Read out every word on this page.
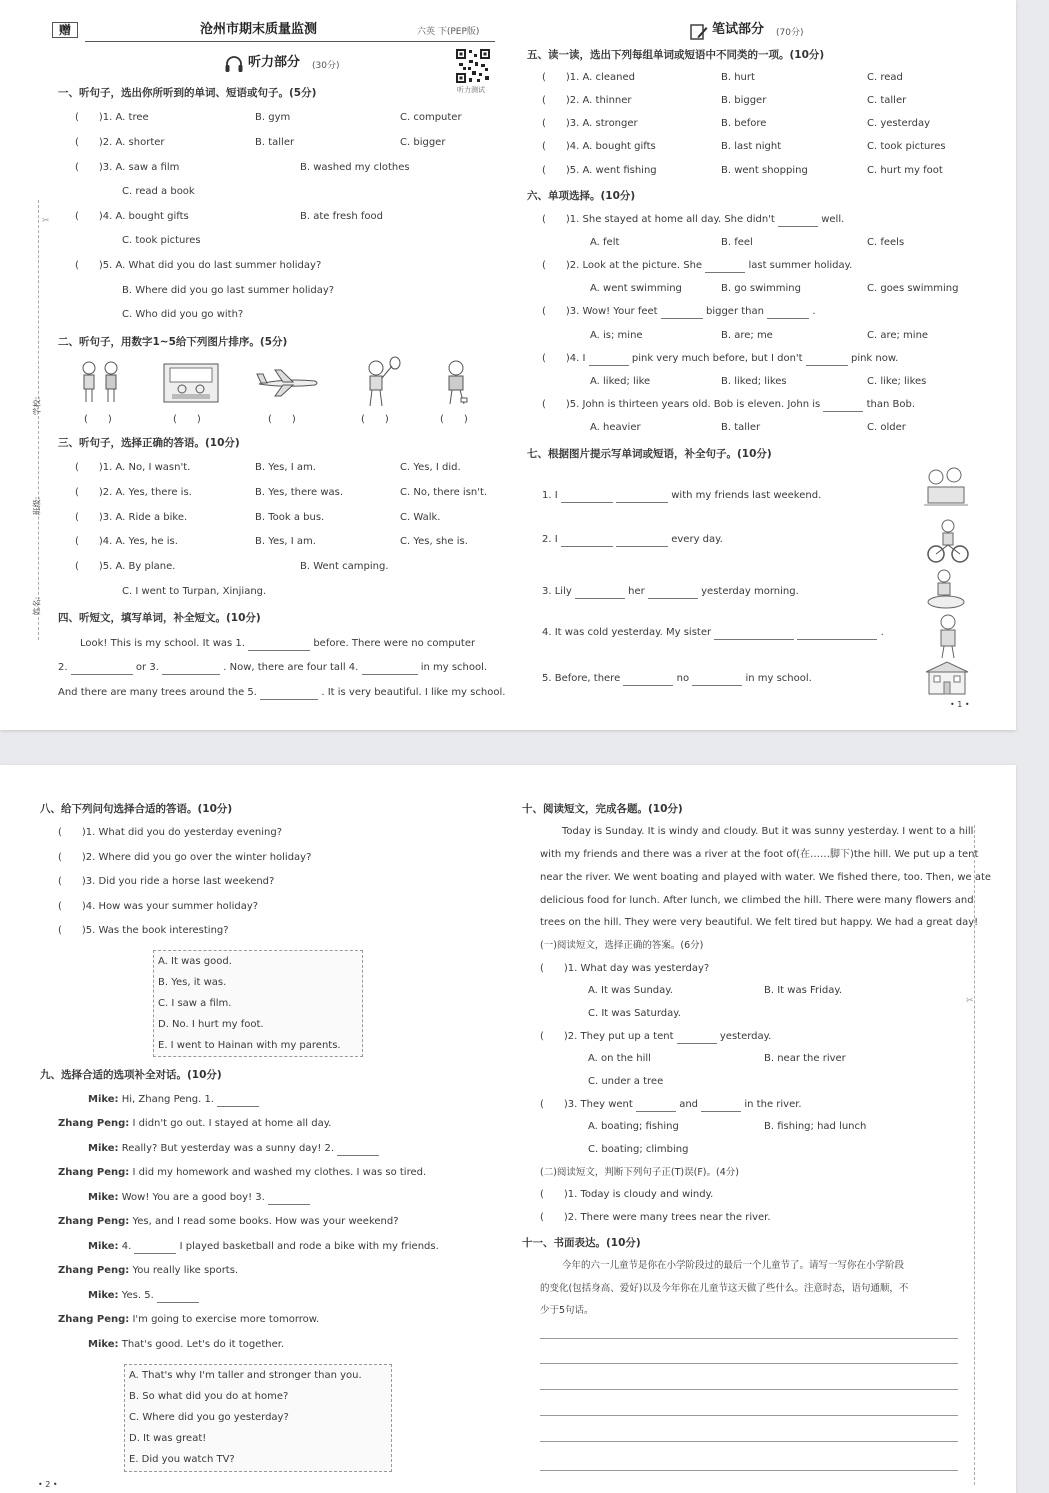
赠	沧州市期末质量监测	六英 下(PEP版)
听力测试
听力部分 (30分)
笔试部分 (70分)
学校:
班级:
姓名:
一、听句子，选出你所听到的单词、短语或句子。(5分)
(　　)1. A. tree	B. gym	C. computer
(　　)2. A. shorter	B. taller	C. bigger
(　　)3. A. saw a film	B. washed my clothes
C. read a book
(　　)4. A. bought gifts	B. ate fresh food
C. took pictures
(　　)5. A. What did you do last summer holiday?
B. Where did you go last summer holiday?
C. Who did you go with?
二、听句子，用数字1~5给下列图片排序。(5分)
(　　)	(　　)	(　　)	(　　)	(　　)
三、听句子，选择正确的答语。(10分)
(　　)1. A. No, I wasn't.	B. Yes, I am.	C. Yes, I did.
(　　)2. A. Yes, there is.	B. Yes, there was.	C. No, there isn't.
(　　)3. A. Ride a bike.	B. Took a bus.	C. Walk.
(　　)4. A. Yes, he is.	B. Yes, I am.	C. Yes, she is.
(　　)5. A. By plane.	B. Went camping.
C. I went to Turpan, Xinjiang.
四、听短文，填写单词，补全短文。(10分)
Look! This is my school. It was 1.	before. There were no computer
2.	or 3.	. Now, there are four tall 4.	in my school.
And there are many trees around the 5.	. It is very beautiful. I like my school.
五、读一读，选出下列每组单词或短语中不同类的一项。(10分)
(　　)1. A. cleaned	B. hurt	C. read
(　　)2. A. thinner	B. bigger	C. taller
(　　)3. A. stronger	B. before	C. yesterday
(　　)4. A. bought gifts	B. last night	C. took pictures
(　　)5. A. went fishing	B. went shopping	C. hurt my foot
六、单项选择。(10分)
(　　)1. She stayed at home all day. She didn't	well.
A. felt	B. feel	C. feels
(　　)2. Look at the picture. She	last summer holiday.
A. went swimming	B. go swimming	C. goes swimming
(　　)3. Wow! Your feet	bigger than	.
A. is; mine	B. are; me	C. are; mine
(　　)4. I	pink very much before, but I don't	pink now.
A. liked; like	B. liked; likes	C. like; likes
(　　)5. John is thirteen years old. Bob is eleven. John is	than Bob.
A. heavier	B. taller	C. older
七、根据图片提示写单词或短语，补全句子。(10分)
1. I	with my friends last weekend.
2. I	every day.
3. Lily	her	yesterday morning.
4. It was cold yesterday. My sister	.
5. Before, there	no	in my school.
• 1 •
✂
八、给下列问句选择合适的答语。(10分)
(　　)1. What did you do yesterday evening?
(　　)2. Where did you go over the winter holiday?
(　　)3. Did you ride a horse last weekend?
(　　)4. How was your summer holiday?
(　　)5. Was the book interesting?
A. It was good.
B. Yes, it was.
C. I saw a film.
D. No. I hurt my foot.
E. I went to Hainan with my parents.
九、选择合适的选项补全对话。(10分)
Mike: Hi, Zhang Peng. 1.
Zhang Peng: I didn't go out. I stayed at home all day.
Mike: Really? But yesterday was a sunny day! 2.
Zhang Peng: I did my homework and washed my clothes. I was so tired.
Mike: Wow! You are a good boy! 3.
Zhang Peng: Yes, and I read some books. How was your weekend?
Mike: 4.	I played basketball and rode a bike with my friends.
Zhang Peng: You really like sports.
Mike: Yes. 5.
Zhang Peng: I'm going to exercise more tomorrow.
Mike: That's good. Let's do it together.
A. That's why I'm taller and stronger than you.
B. So what did you do at home?
C. Where did you go yesterday?
D. It was great!
E. Did you watch TV?
• 2 •
十、阅读短文，完成各题。(10分)
Today is Sunday. It is windy and cloudy. But it was sunny yesterday. I went to a hill
with my friends and there was a river at the foot of(在……脚下)the hill. We put up a tent
near the river. We went boating and played with water. We fished there, too. Then, we ate
delicious food for lunch. After lunch, we climbed the hill. There were many flowers and
trees on the hill. They were very beautiful. We felt tired but happy. We had a great day!
(一)阅读短文，选择正确的答案。(6分)
(　　)1. What day was yesterday?
A. It was Sunday.	B. It was Friday.
C. It was Saturday.
(　　)2. They put up a tent	yesterday.
A. on the hill	B. near the river
C. under a tree
(　　)3. They went	and	in the river.
A. boating; fishing	B. fishing; had lunch
C. boating; climbing
(二)阅读短文，判断下列句子正(T)误(F)。(4分)
(　　)1. Today is cloudy and windy.
(　　)2. There were many trees near the river.
十一、书面表达。(10分)
今年的六一儿童节是你在小学阶段过的最后一个儿童节了。请写一写你在小学阶段
的变化(包括身高、爱好)以及今年你在儿童节这天做了些什么。注意时态，语句通顺，不
少于5句话。
✂
